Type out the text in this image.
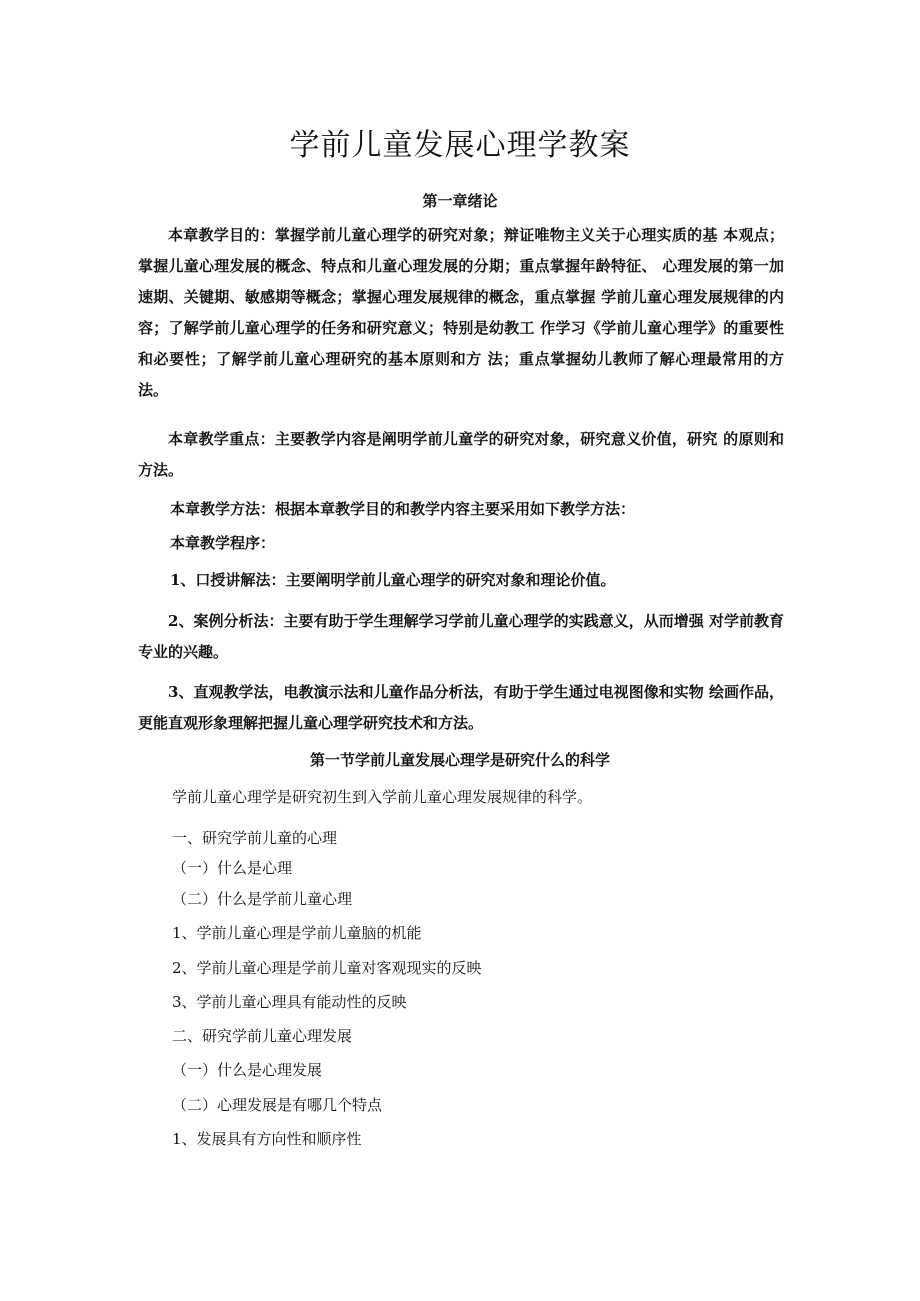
学前儿童发展心理学教案
第一章绪论

本章教学目的：掌握学前儿童心理学的研究对象；辩证唯物主义关于心理实质的基 本观点；掌握儿童心理发展的概念、特点和儿童心理发展的分期；重点掌握年龄特征、 心理发展的第一加速期、关键期、敏感期等概念；掌握心理发展规律的概念，重点掌握 学前儿童心理发展规律的内容；了解学前儿童心理学的任务和研究意义；特别是幼教工 作学习《学前儿童心理学》的重要性和必要性；了解学前儿童心理研究的基本原则和方 法；重点掌握幼儿教师了解心理最常用的方法。

本章教学重点：主要教学内容是阐明学前儿童学的研究对象，研究意义价值，研究 的原则和方法。

本章教学方法：根据本章教学目的和教学内容主要采用如下教学方法：

本章教学程序：

1、口授讲解法：主要阐明学前儿童心理学的研究对象和理论价值。

2、案例分析法：主要有助于学生理解学习学前儿童心理学的实践意义，从而增强 对学前教育专业的兴趣。

3、直观教学法，电教演示法和儿童作品分析法，有助于学生通过电视图像和实物 绘画作品，更能直观形象理解把握儿童心理学研究技术和方法。

第一节学前儿童发展心理学是研究什么的科学

学前儿童心理学是研究初生到入学前儿童心理发展规律的科学。

一、研究学前儿童的心理

（一）什么是心理

（二）什么是学前儿童心理

1、学前儿童心理是学前儿童脑的机能

2、学前儿童心理是学前儿童对客观现实的反映

3、学前儿童心理具有能动性的反映

二、研究学前儿童心理发展

（一）什么是心理发展

（二）心理发展是有哪几个特点

1、发展具有方向性和顺序性
